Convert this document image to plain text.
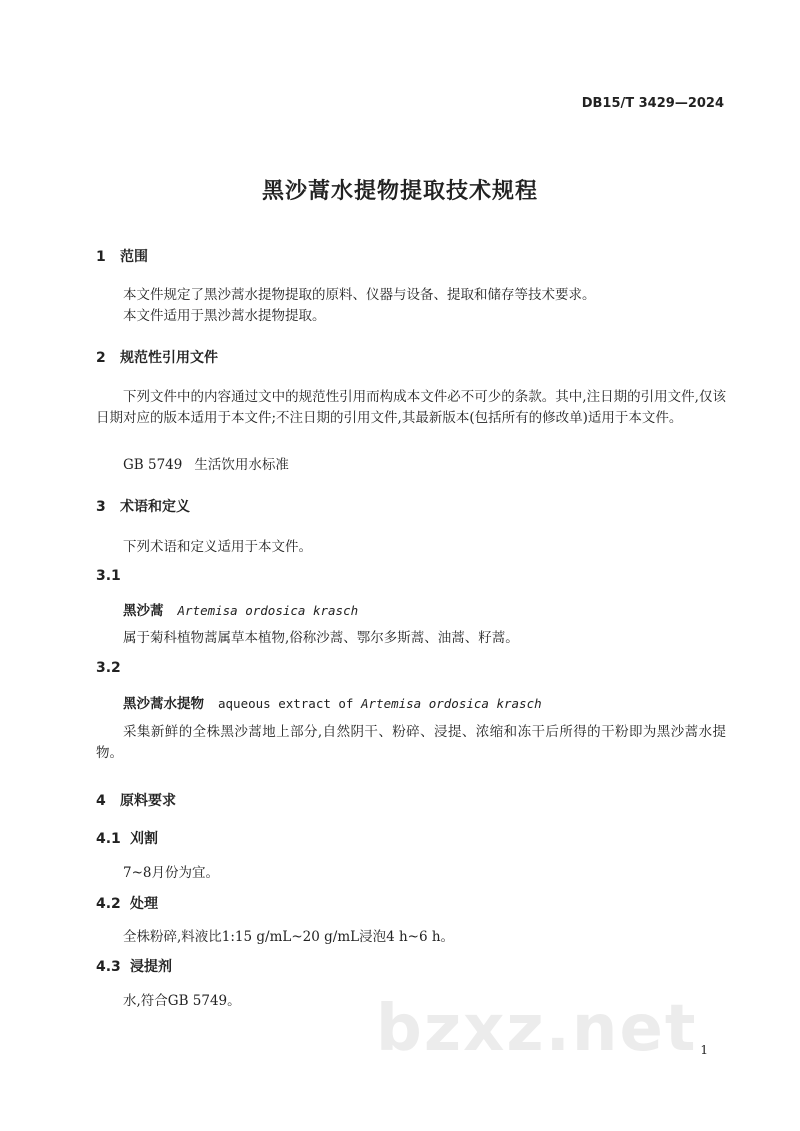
DB15/T 3429—2024
黑沙蒿水提物提取技术规程
1 范围
本文件规定了黑沙蒿水提物提取的原料、仪器与设备、提取和储存等技术要求。
本文件适用于黑沙蒿水提物提取。
2 规范性引用文件
下列文件中的内容通过文中的规范性引用而构成本文件必不可少的条款。其中,注日期的引用文件,仅该日期对应的版本适用于本文件;不注日期的引用文件,其最新版本(包括所有的修改单)适用于本文件。
GB 5749 生活饮用水标准
3 术语和定义
下列术语和定义适用于本文件。
3.1
黑沙蒿 Artemisa ordosica krasch
属于菊科植物蒿属草本植物,俗称沙蒿、鄂尔多斯蒿、油蒿、籽蒿。
3.2
黑沙蒿水提物 aqueous extract of Artemisa ordosica krasch
采集新鲜的全株黑沙蒿地上部分,自然阴干、粉碎、浸提、浓缩和冻干后所得的干粉即为黑沙蒿水提物。
4 原料要求
4.1 刈割
7~8月份为宜。
4.2 处理
全株粉碎,料液比1:15 g/mL~20 g/mL浸泡4 h~6 h。
4.3 浸提剂
水,符合GB 5749。 bzxz.net 1
